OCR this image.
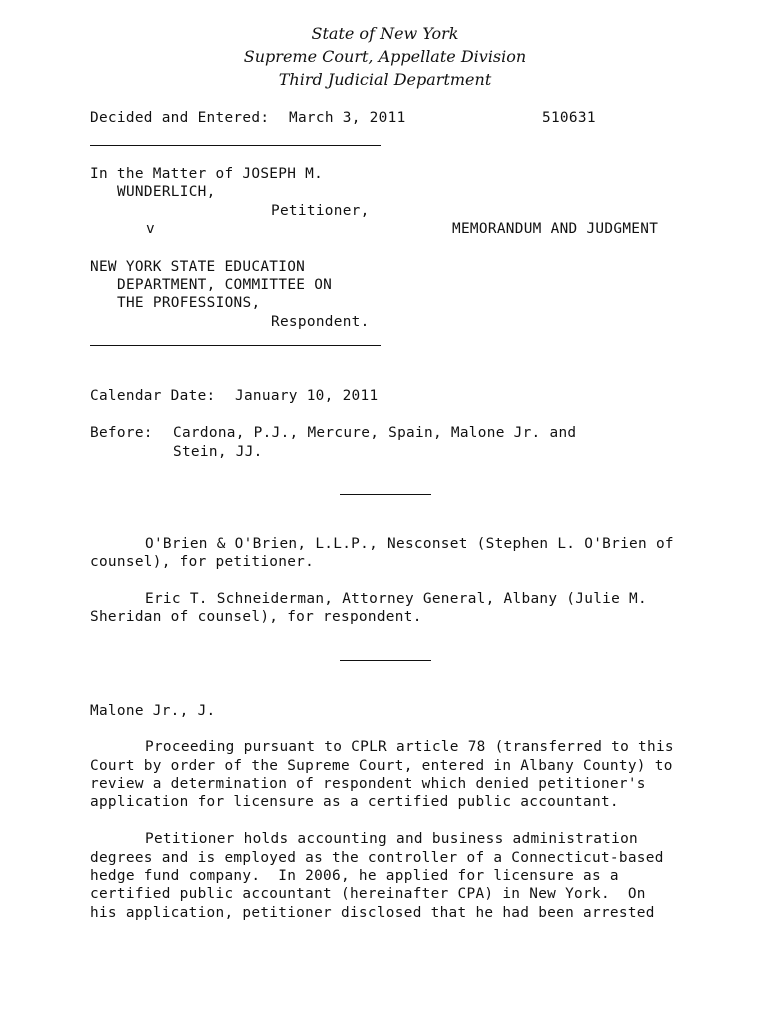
State of New York
Supreme Court, Appellate Division
Third Judicial Department
Decided and Entered: March 3, 2011	510631
In the Matter of JOSEPH M.
WUNDERLICH,
Petitioner,
v	MEMORANDUM AND JUDGMENT
NEW YORK STATE EDUCATION
DEPARTMENT, COMMITTEE ON
THE PROFESSIONS,
Respondent.
Calendar Date: January 10, 2011
Before: Cardona, P.J., Mercure, Spain, Malone Jr. and
Stein, JJ.
O'Brien & O'Brien, L.L.P., Nesconset (Stephen L. O'Brien of
counsel), for petitioner.
Eric T. Schneiderman, Attorney General, Albany (Julie M.
Sheridan of counsel), for respondent.
Malone Jr., J.
Proceeding pursuant to CPLR article 78 (transferred to this
Court by order of the Supreme Court, entered in Albany County) to
review a determination of respondent which denied petitioner's
application for licensure as a certified public accountant.
Petitioner holds accounting and business administration
degrees and is employed as the controller of a Connecticut-based
hedge fund company.  In 2006, he applied for licensure as a
certified public accountant (hereinafter CPA) in New York.  On
his application, petitioner disclosed that he had been arrested
